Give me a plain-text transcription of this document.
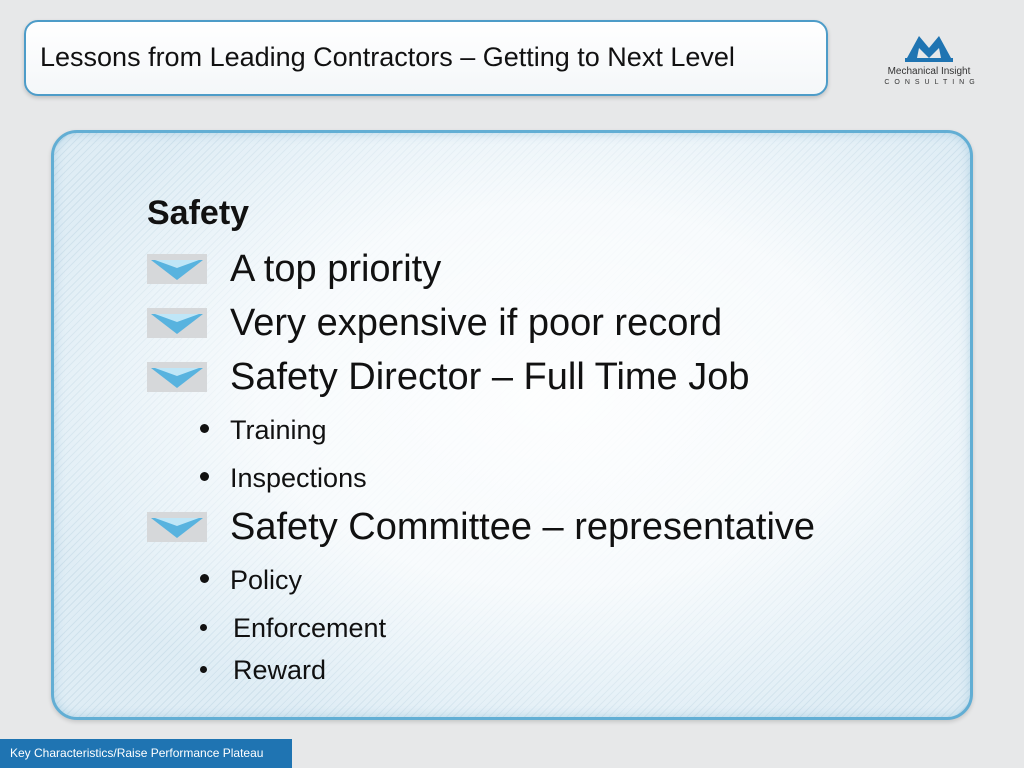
Lessons from Leading Contractors – Getting to Next Level	Mechanical Insight
CONSULTING
Safety
A top priority
Very expensive if poor record
Safety Director – Full Time Job
Training
Inspections
Safety Committee – representative
Policy
Enforcement
Reward
Key Characteristics/Raise Performance Plateau
